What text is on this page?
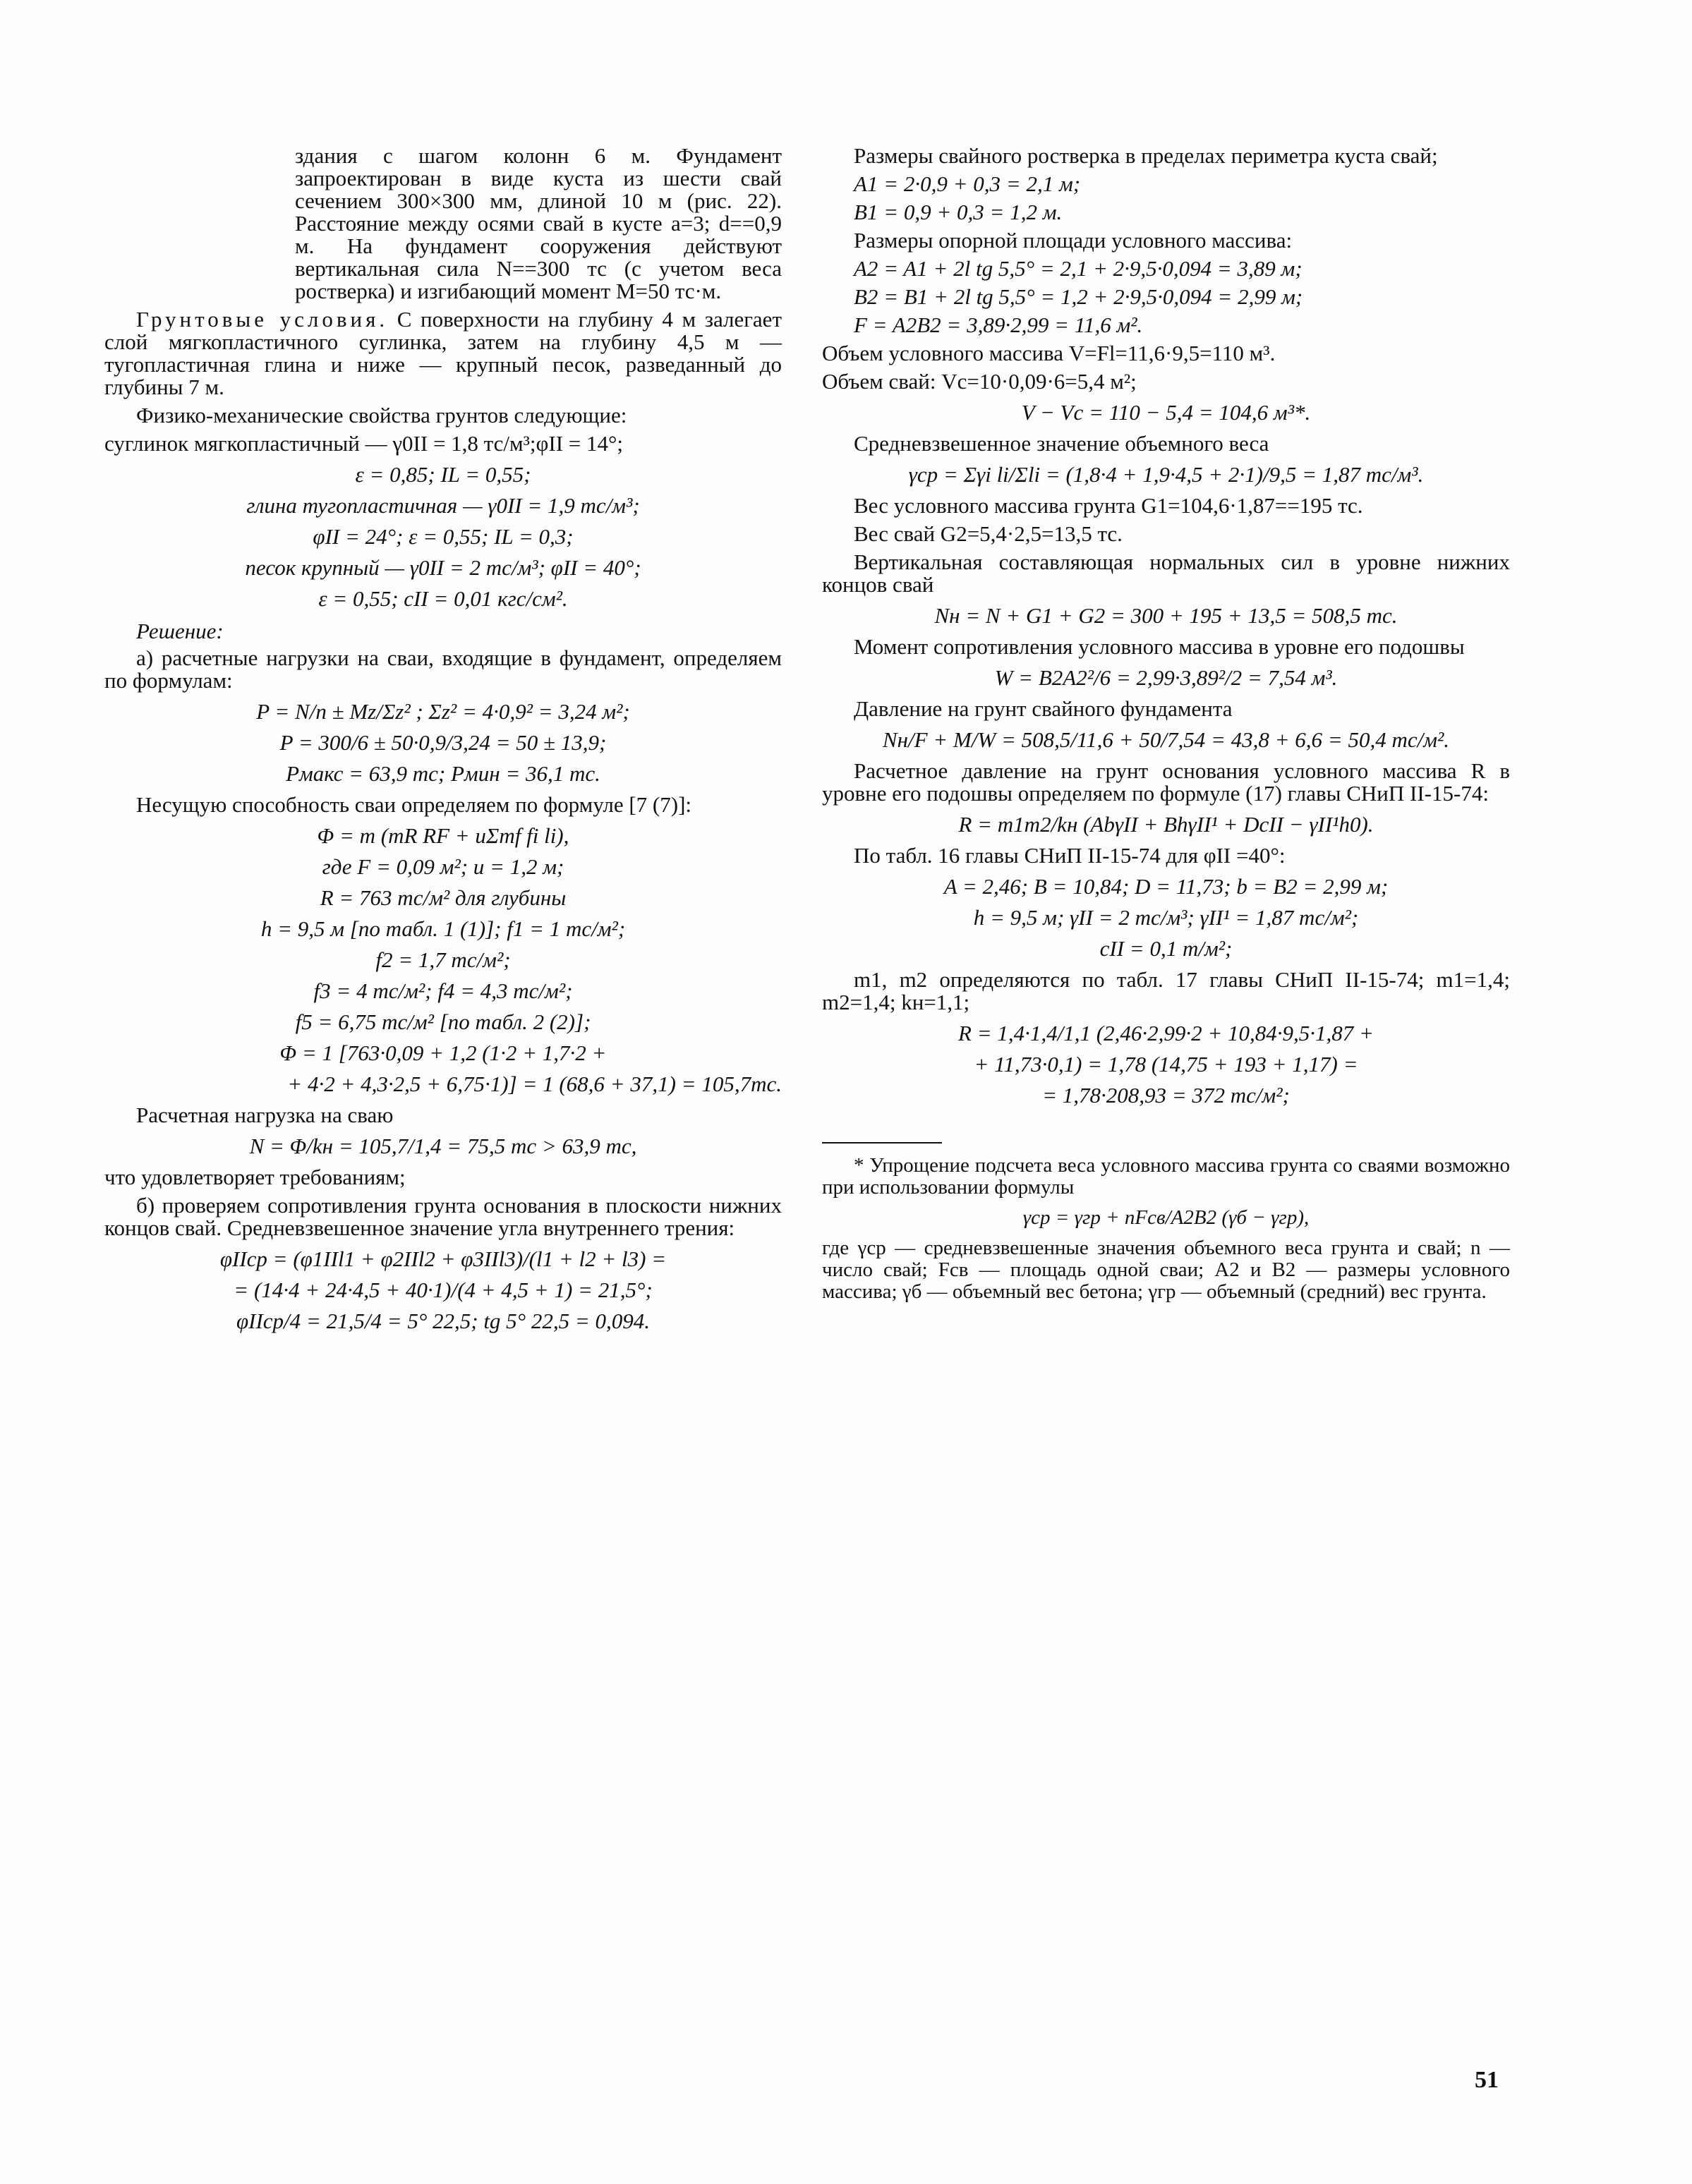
здания с шагом колонн 6 м. Фундамент запроектирован в виде куста из шести свай сечением 300×300 мм, длиной 10 м (рис. 22). Расстояние между осями свай в кусте a=3; d==0,9 м. На фундамент сооружения действуют вертикальная сила N==300 тс (с учетом веса ростверка) и изгибающий момент M=50 тс·м.

Грунтовые условия. С поверхности на глубину 4 м залегает слой мягкопластичного суглинка, затем на глубину 4,5 м — тугопластичная глина и ниже — крупный песок, разведанный до глубины 7 м.

Физико-механические свойства грунтов следующие:

суглинок мягкопластичный — γ0II = 1,8 тс/м³;φII = 14°;

ε = 0,85; IL = 0,55;

глина тугопластичная — γ0II = 1,9 тс/м³;

φII = 24°; ε = 0,55; IL = 0,3;

песок крупный — γ0II = 2 тс/м³; φII = 40°;

ε = 0,55; cII = 0,01 кгс/см².

Решение:

а) расчетные нагрузки на сваи, входящие в фундамент, определяем по формулам:

P = N/n ± Mz/Σz² ; Σz² = 4·0,9² = 3,24 м²;

P = 300/6 ± 50·0,9/3,24 = 50 ± 13,9;

Pмакс = 63,9 тс; Pмин = 36,1 тс.

Несущую способность сваи определяем по формуле [7 (7)]:

Φ = m (mR RF + uΣmf fi li),

где F = 0,09 м²; u = 1,2 м;

R = 763 тс/м² для глубины

h = 9,5 м [по табл. 1 (1)]; f1 = 1 тс/м²;

f2 = 1,7 тс/м²;

f3 = 4 тс/м²; f4 = 4,3 тс/м²;

f5 = 6,75 тс/м² [по табл. 2 (2)];

Φ = 1 [763·0,09 + 1,2 (1·2 + 1,7·2 +

+ 4·2 + 4,3·2,5 + 6,75·1)] = 1 (68,6 + 37,1) = 105,7тс.

Расчетная нагрузка на сваю

N = Φ/kн = 105,7/1,4 = 75,5 тс > 63,9 тс,

что удовлетворяет требованиям;

б) проверяем сопротивления грунта основания в плоскости нижних концов свай. Средневзвешенное значение угла внутреннего трения:

φIIср = (φ1IIl1 + φ2IIl2 + φ3IIl3)/(l1 + l2 + l3) =

= (14·4 + 24·4,5 + 40·1)/(4 + 4,5 + 1) = 21,5°;

φIIср/4 = 21,5/4 = 5° 22,5; tg 5° 22,5 = 0,094.

Размеры свайного ростверка в пределах периметра куста свай;

A1 = 2·0,9 + 0,3 = 2,1 м;

B1 = 0,9 + 0,3 = 1,2 м.

Размеры опорной площади условного массива:

A2 = A1 + 2l tg 5,5° = 2,1 + 2·9,5·0,094 = 3,89 м;

B2 = B1 + 2l tg 5,5° = 1,2 + 2·9,5·0,094 = 2,99 м;

F = A2B2 = 3,89·2,99 = 11,6 м².

Объем условного массива V=Fl=11,6·9,5=110 м³.

Объем свай: Vc=10·0,09·6=5,4 м²;

V − Vc = 110 − 5,4 = 104,6 м³*.

Средневзвешенное значение объемного веса

γср = Σγi li/Σli = (1,8·4 + 1,9·4,5 + 2·1)/9,5 = 1,87 тс/м³.

Вес условного массива грунта G1=104,6·1,87==195 тс.

Вес свай G2=5,4·2,5=13,5 тс.

Вертикальная составляющая нормальных сил в уровне нижних концов свай

Nн = N + G1 + G2 = 300 + 195 + 13,5 = 508,5 тс.

Момент сопротивления условного массива в уровне его подошвы

W = B2A2²/6 = 2,99·3,89²/2 = 7,54 м³.

Давление на грунт свайного фундамента

Nн/F + M/W = 508,5/11,6 + 50/7,54 = 43,8 + 6,6 = 50,4 тс/м².

Расчетное давление на грунт основания условного массива R в уровне его подошвы определяем по формуле (17) главы СНиП II-15-74:

R = m1m2/kн (AbγII + BhγII¹ + DcII − γII¹h0).

По табл. 16 главы СНиП II-15-74 для φII =40°:

A = 2,46; B = 10,84; D = 11,73; b = B2 = 2,99 м;

h = 9,5 м; γII = 2 тс/м³; γII¹ = 1,87 тс/м²;

cII = 0,1 т/м²;

m1, m2 определяются по табл. 17 главы СНиП II-15-74; m1=1,4; m2=1,4; kн=1,1;

R = 1,4·1,4/1,1 (2,46·2,99·2 + 10,84·9,5·1,87 +

+ 11,73·0,1) = 1,78 (14,75 + 193 + 1,17) =

= 1,78·208,93 = 372 тс/м²;

* Упрощение подсчета веса условного массива грунта со сваями возможно при использовании формулы

γср = γгр + nFсв/A2B2 (γб − γгр),

где γср — средневзвешенные значения объемного веса грунта и свай; n — число свай; Fсв — площадь одной сваи; A2 и B2 — размеры условного массива; γб — объемный вес бетона; γгр — объемный (средний) вес грунта.

51
